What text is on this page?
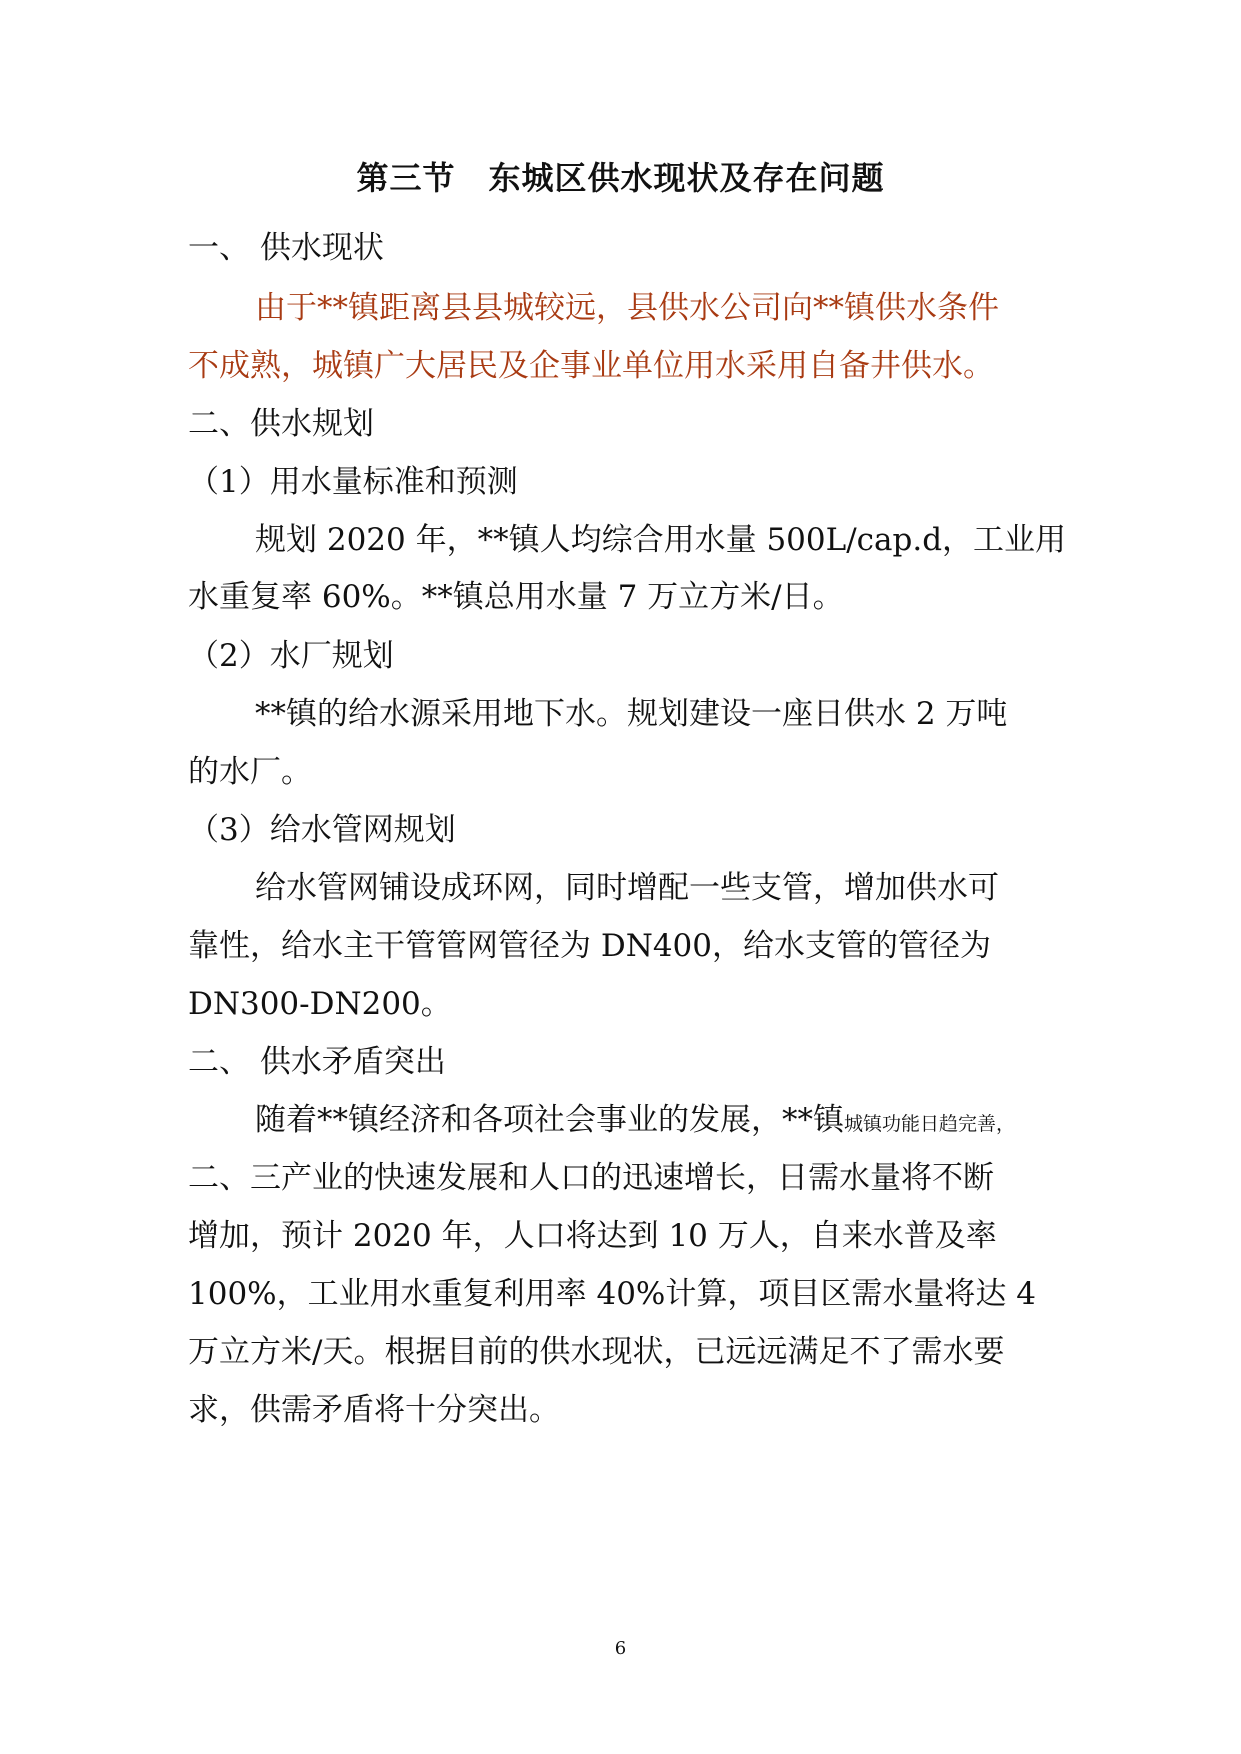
第三节　东城区供水现状及存在问题

一、 供水现状

由于**镇距离县县城较远，县供水公司向**镇供水条件

不成熟，城镇广大居民及企事业单位用水采用自备井供水。

二、供水规划

（1）用水量标准和预测

规划 2020 年，**镇人均综合用水量 500L/cap.d，工业用

水重复率 60%。**镇总用水量 7 万立方米/日。

（2）水厂规划

**镇的给水源采用地下水。规划建设一座日供水 2 万吨

的水厂。

（3）给水管网规划

给水管网铺设成环网，同时增配一些支管，增加供水可

靠性，给水主干管管网管径为 DN400，给水支管的管径为

DN300-DN200。

二、 供水矛盾突出

随着**镇经济和各项社会事业的发展，**镇城镇功能日趋完善，

二、三产业的快速发展和人口的迅速增长，日需水量将不断

增加，预计 2020 年，人口将达到 10 万人，自来水普及率

100%，工业用水重复利用率 40%计算，项目区需水量将达 4

万立方米/天。根据目前的供水现状，已远远满足不了需水要

求，供需矛盾将十分突出。

6
